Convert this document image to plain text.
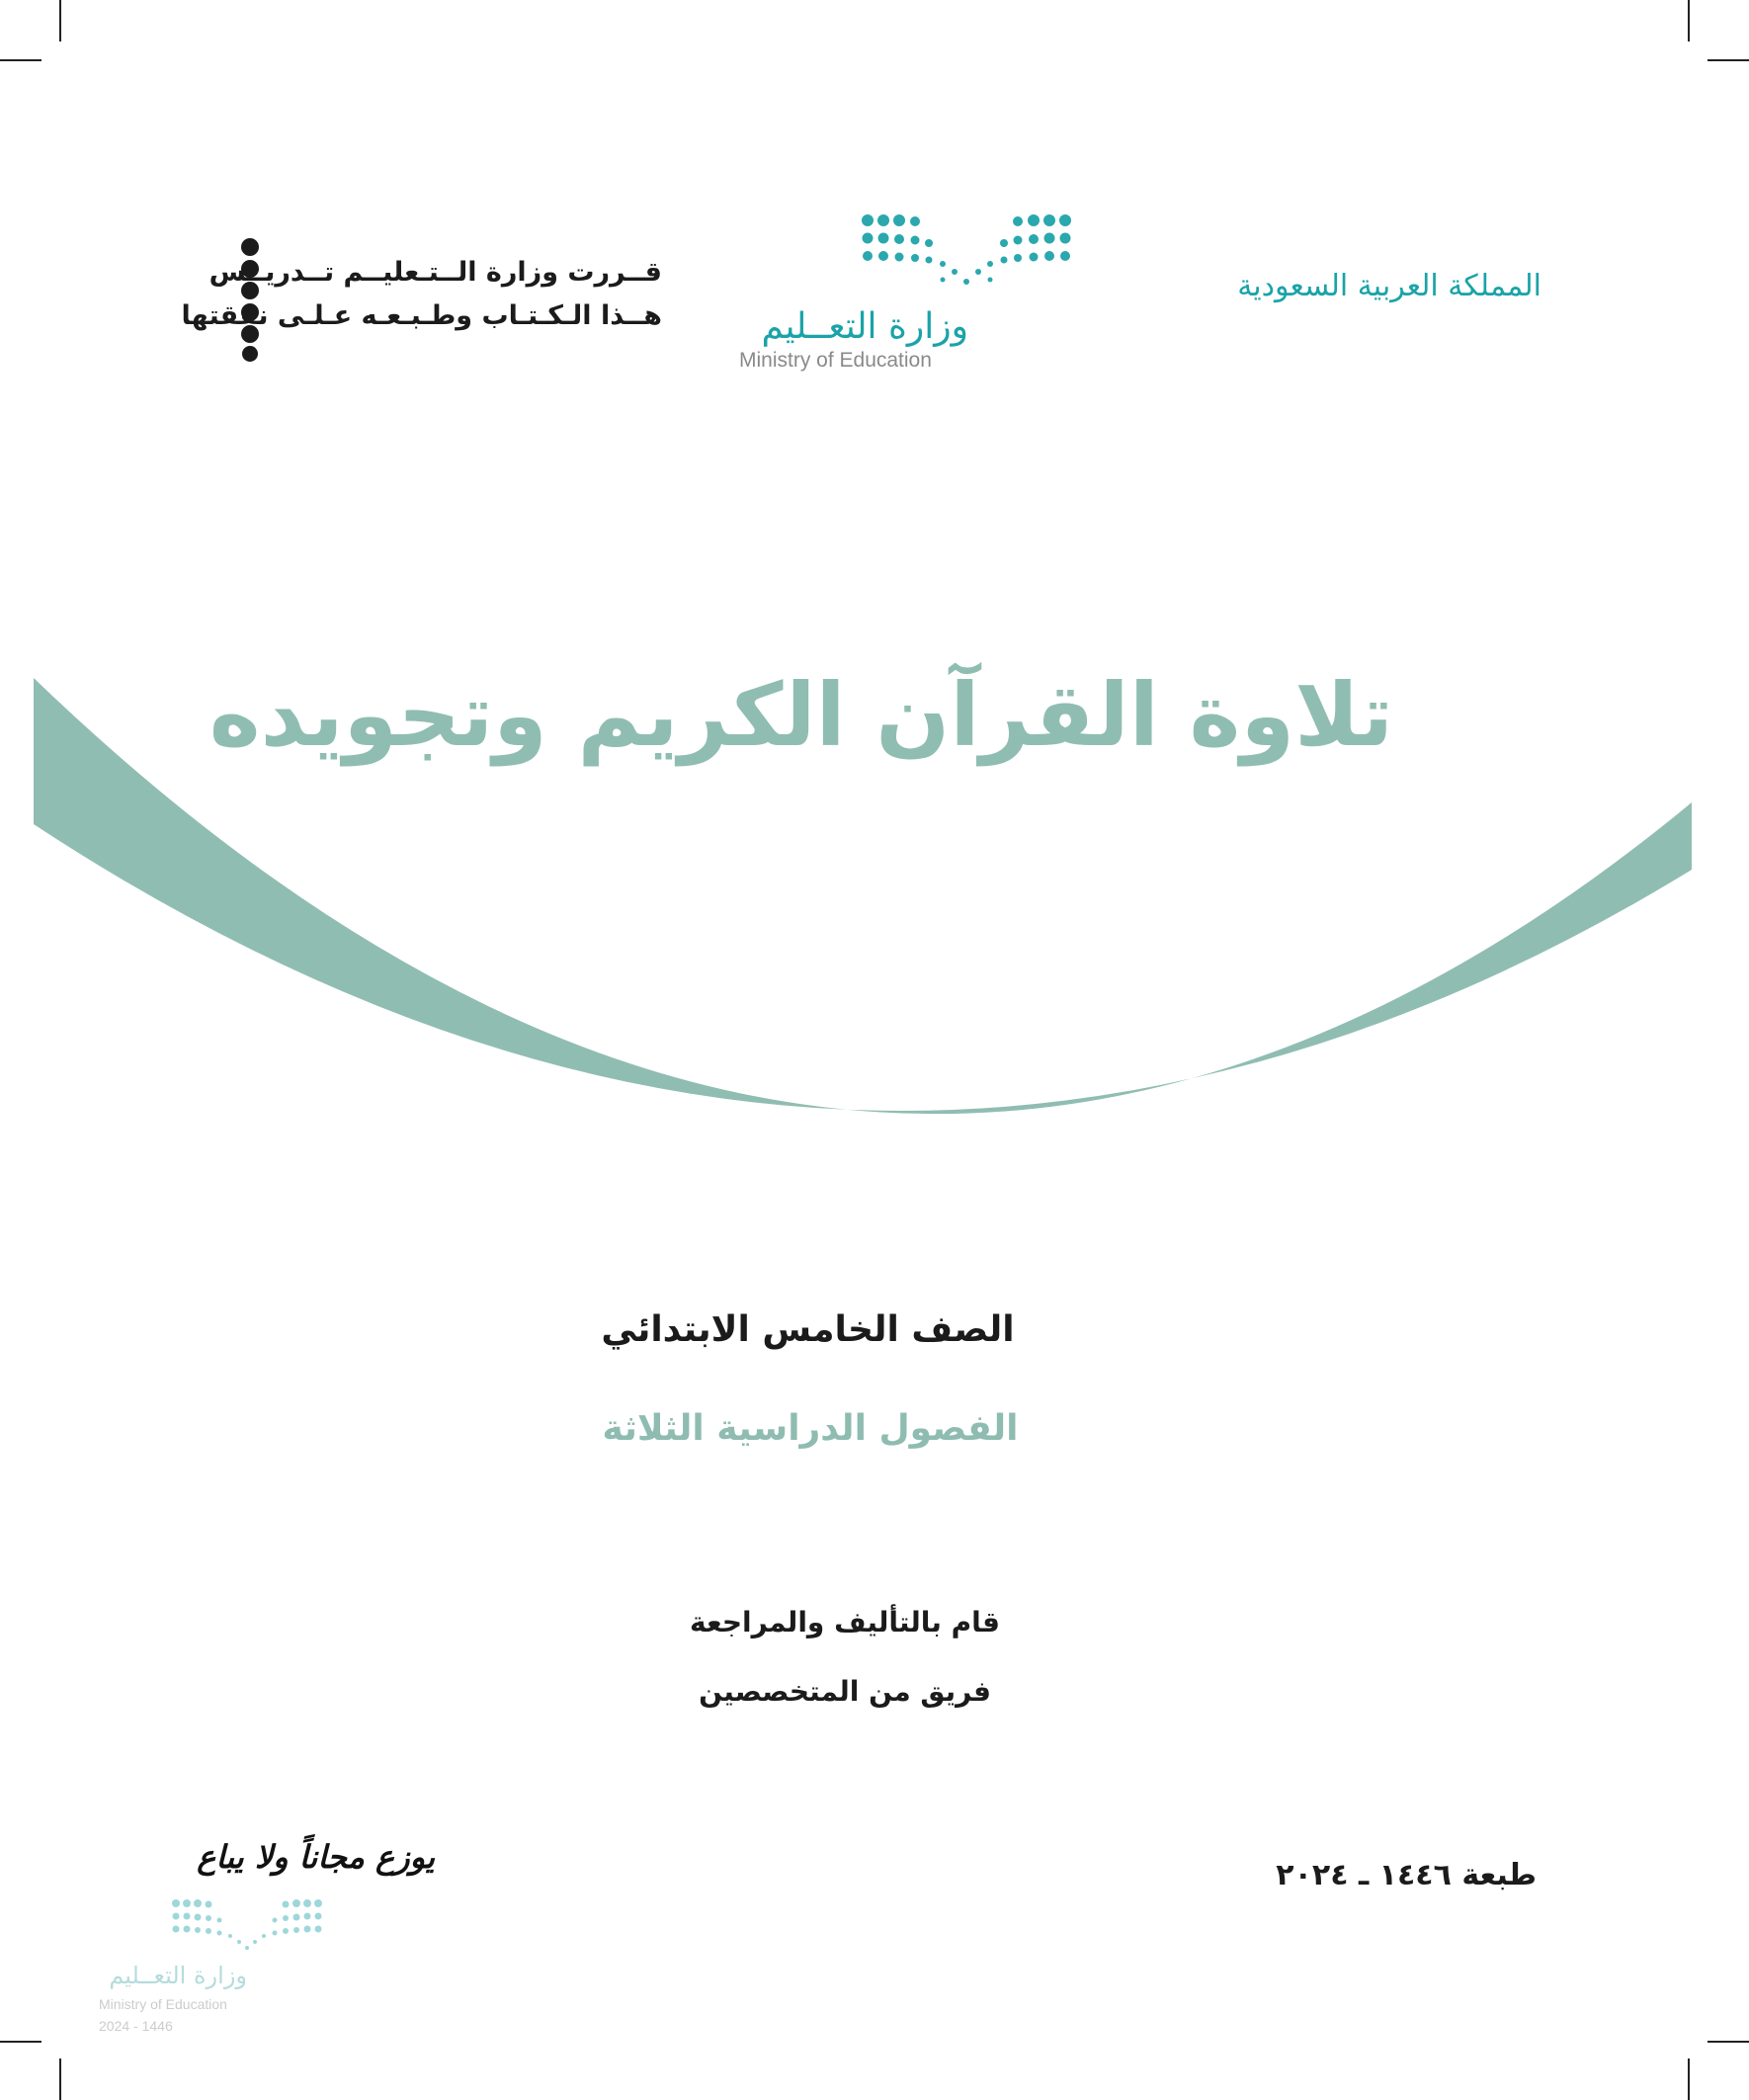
المملكة العربية السعودية
وزارة التعــليم
Ministry of Education
قــررت وزارة الــتـعليــم تــدريــس
هــذا الـكـتـاب وطـبـعـه عـلـى نفقتها
تلاوة القرآن الكريم وتجويده
الصف الخامس الابتدائي
الفصول الدراسية الثلاثة
قام بالتأليف والمراجعة
فريق من المتخصصين
طبعة ١٤٤٦ ـ ٢٠٢٤
يوزع مجاناً ولا يباع
وزارة التعــليم
Ministry of Education
2024 - 1446
